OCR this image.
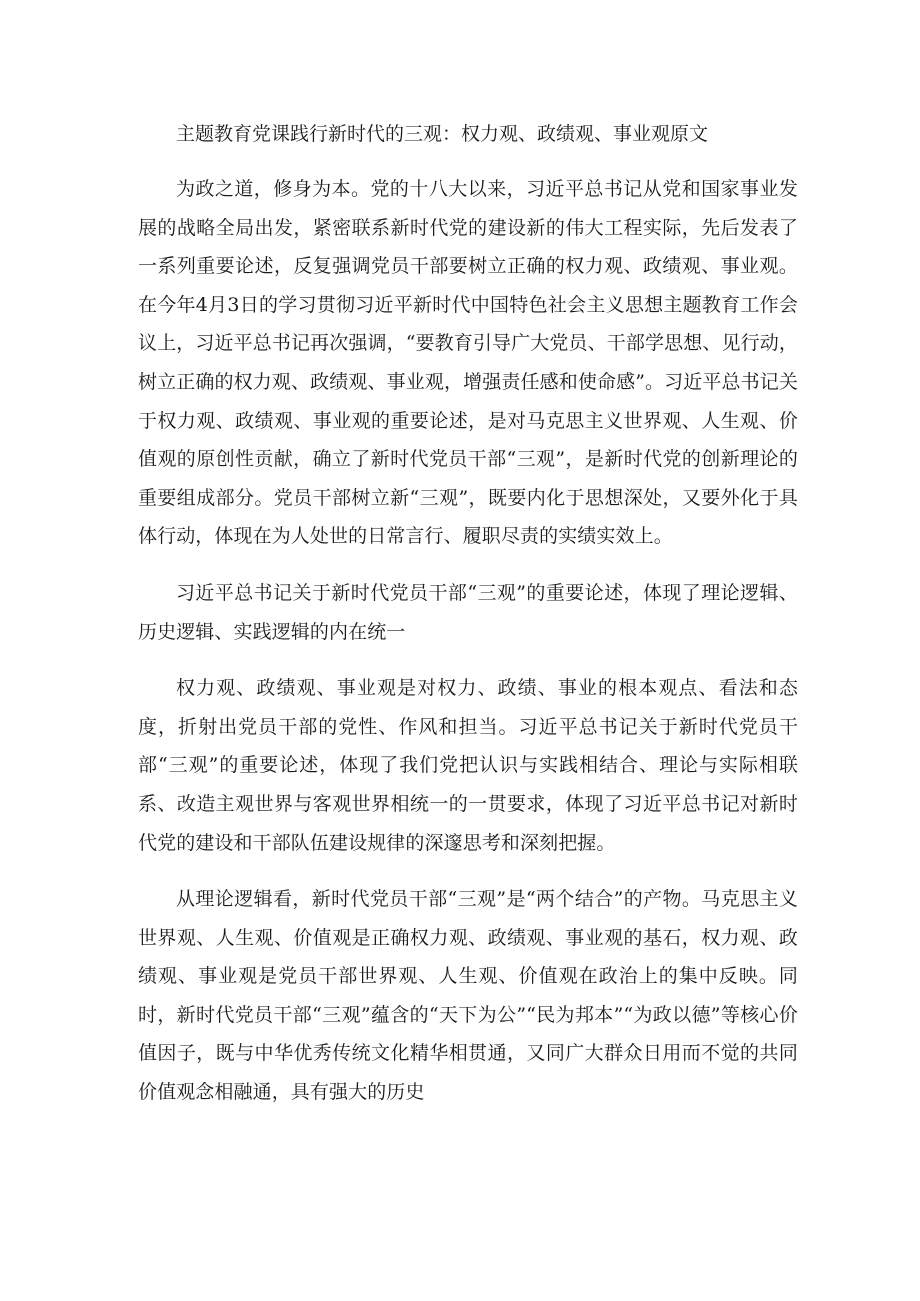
主题教育党课践行新时代的三观：权力观、政绩观、事业观原文

为政之道，修身为本。党的十八大以来，习近平总书记从党和国家事业发展的战略全局出发，紧密联系新时代党的建设新的伟大工程实际，先后发表了一系列重要论述，反复强调党员干部要树立正确的权力观、政绩观、事业观。在今年4月3日的学习贯彻习近平新时代中国特色社会主义思想主题教育工作会议上，习近平总书记再次强调，“要教育引导广大党员、干部学思想、见行动，树立正确的权力观、政绩观、事业观，增强责任感和使命感”。习近平总书记关于权力观、政绩观、事业观的重要论述，是对马克思主义世界观、人生观、价值观的原创性贡献，确立了新时代党员干部“三观”，是新时代党的创新理论的重要组成部分。党员干部树立新“三观”，既要内化于思想深处，又要外化于具体行动，体现在为人处世的日常言行、履职尽责的实绩实效上。

习近平总书记关于新时代党员干部“三观”的重要论述，体现了理论逻辑、历史逻辑、实践逻辑的内在统一

权力观、政绩观、事业观是对权力、政绩、事业的根本观点、看法和态度，折射出党员干部的党性、作风和担当。习近平总书记关于新时代党员干部“三观”的重要论述，体现了我们党把认识与实践相结合、理论与实际相联系、改造主观世界与客观世界相统一的一贯要求，体现了习近平总书记对新时代党的建设和干部队伍建设规律的深邃思考和深刻把握。

从理论逻辑看，新时代党员干部“三观”是“两个结合”的产物。马克思主义世界观、人生观、价值观是正确权力观、政绩观、事业观的基石，权力观、政绩观、事业观是党员干部世界观、人生观、价值观在政治上的集中反映。同时，新时代党员干部“三观”蕴含的“天下为公”“民为邦本”“为政以德”等核心价值因子，既与中华优秀传统文化精华相贯通，又同广大群众日用而不觉的共同价值观念相融通，具有强大的历史
